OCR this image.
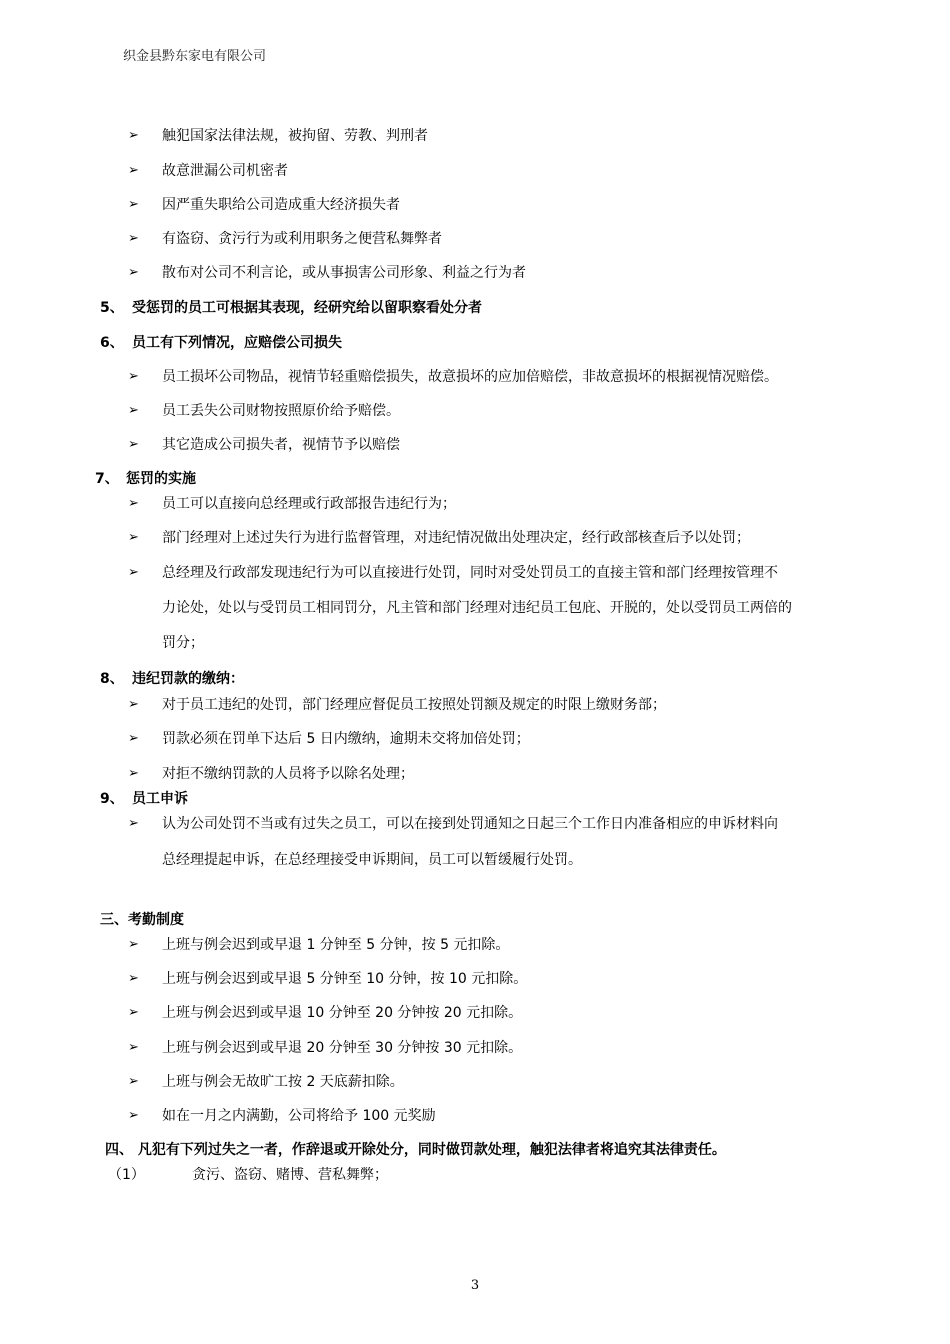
织金县黔东家电有限公司
➢ 触犯国家法律法规，被拘留、劳教、判刑者
➢ 故意泄漏公司机密者
➢ 因严重失职给公司造成重大经济损失者
➢ 有盗窃、贪污行为或利用职务之便营私舞弊者
➢ 散布对公司不利言论，或从事损害公司形象、利益之行为者
5、 受惩罚的员工可根据其表现，经研究给以留职察看处分者
6、 员工有下列情况，应赔偿公司损失
➢ 员工损坏公司物品，视情节轻重赔偿损失，故意损坏的应加倍赔偿，非故意损坏的根据视情况赔偿。
➢ 员工丢失公司财物按照原价给予赔偿。
➢ 其它造成公司损失者，视情节予以赔偿
7、 惩罚的实施
➢ 员工可以直接向总经理或行政部报告违纪行为；
➢ 部门经理对上述过失行为进行监督管理，对违纪情况做出处理决定，经行政部核查后予以处罚；
➢ 总经理及行政部发现违纪行为可以直接进行处罚，同时对受处罚员工的直接主管和部门经理按管理不
力论处，处以与受罚员工相同罚分，凡主管和部门经理对违纪员工包庇、开脱的，处以受罚员工两倍的
罚分；
8、 违纪罚款的缴纳：
➢ 对于员工违纪的处罚，部门经理应督促员工按照处罚额及规定的时限上缴财务部；
➢ 罚款必须在罚单下达后 5 日内缴纳，逾期未交将加倍处罚；
➢ 对拒不缴纳罚款的人员将予以除名处理；
9、 员工申诉
➢ 认为公司处罚不当或有过失之员工，可以在接到处罚通知之日起三个工作日内准备相应的申诉材料向
总经理提起申诉，在总经理接受申诉期间，员工可以暂缓履行处罚。
三、考勤制度
➢ 上班与例会迟到或早退 1 分钟至 5 分钟，按 5 元扣除。
➢ 上班与例会迟到或早退 5 分钟至 10 分钟，按 10 元扣除。
➢ 上班与例会迟到或早退 10 分钟至 20 分钟按 20 元扣除。
➢ 上班与例会迟到或早退 20 分钟至 30 分钟按 30 元扣除。
➢ 上班与例会无故旷工按 2 天底薪扣除。
➢ 如在一月之内满勤，公司将给予 100 元奖励
四、 凡犯有下列过失之一者，作辞退或开除处分，同时做罚款处理，触犯法律者将追究其法律责任。
（1）	贪污、盗窃、赌博、营私舞弊；
3
